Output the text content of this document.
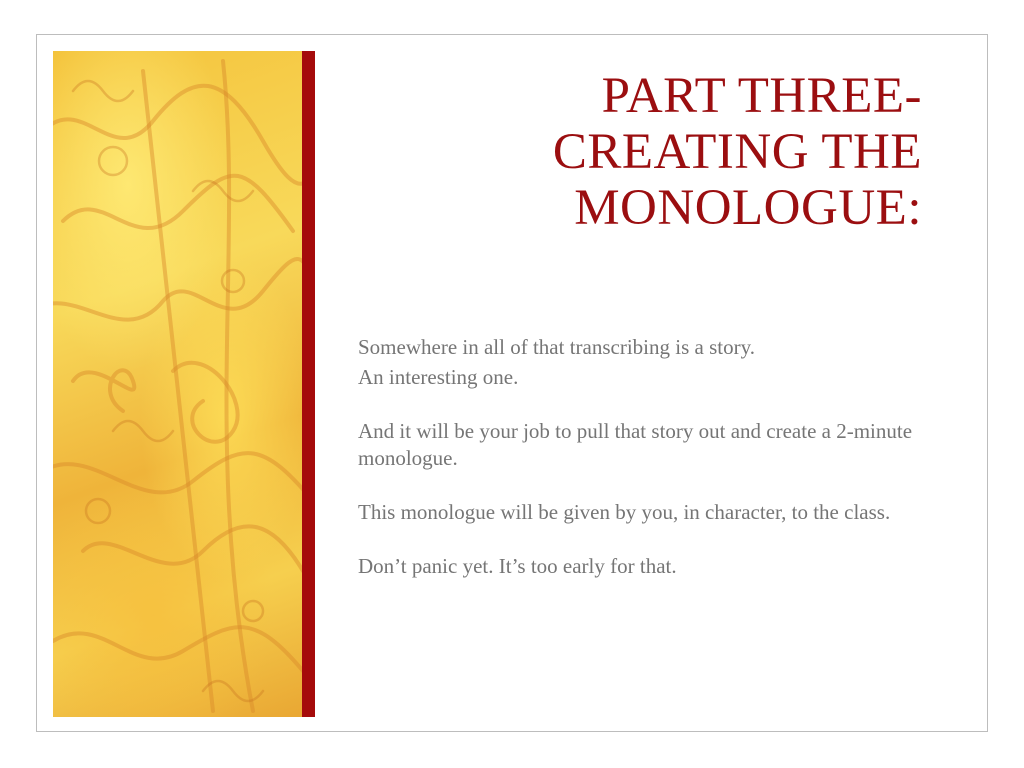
PART THREE-
CREATING THE
MONOLOGUE:

Somewhere in all of that transcribing is a story.

An interesting one.

And it will be your job to pull that story out and create a 2-minute monologue.

This monologue will be given by you, in character, to the class.

Don’t panic yet. It’s too early for that.
